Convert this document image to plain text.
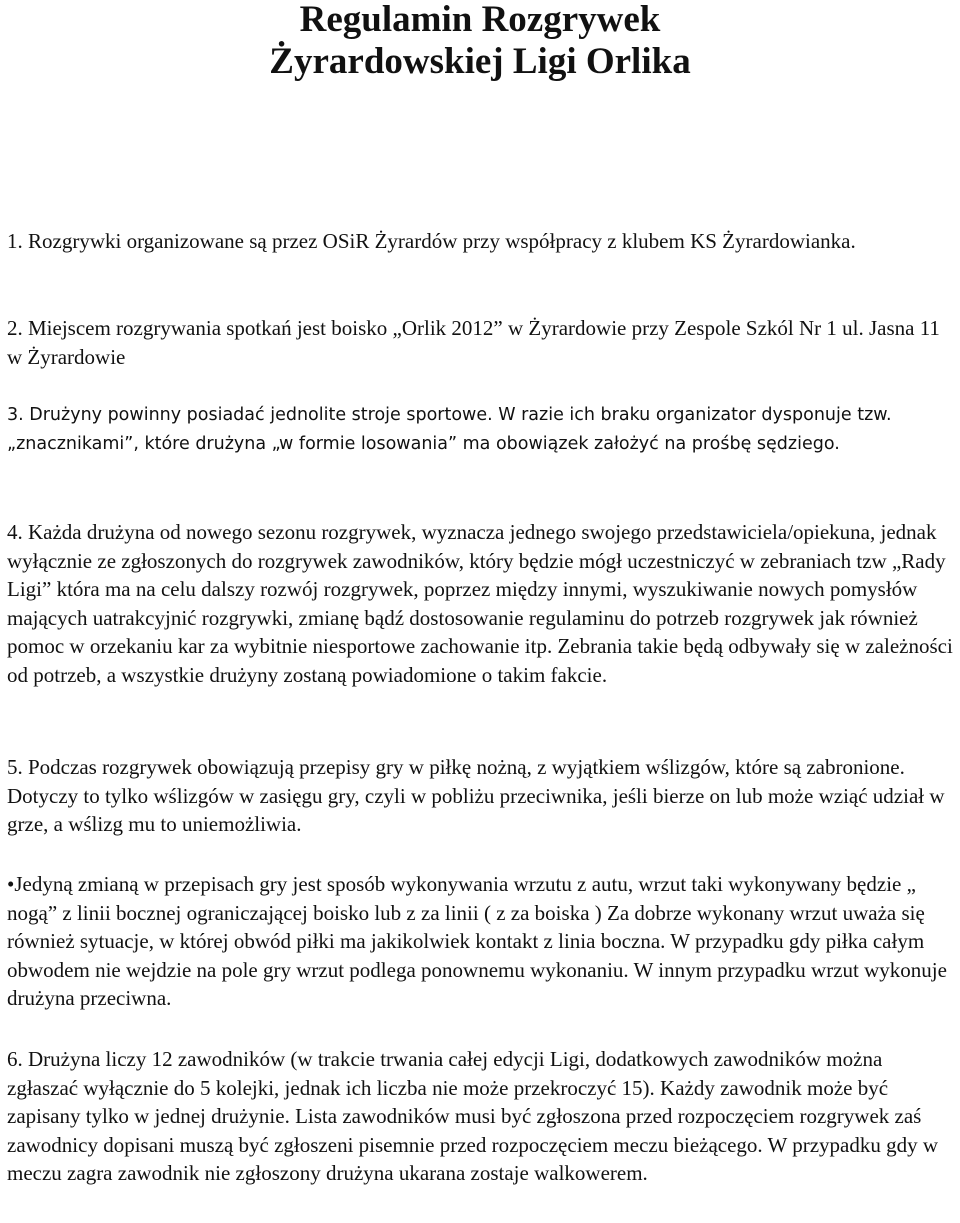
Regulamin Rozgrywek
Żyrardowskiej Ligi Orlika

1. Rozgrywki organizowane są przez OSiR Żyrardów przy współpracy z klubem KS Żyrardowianka.

2. Miejscem rozgrywania spotkań jest boisko „Orlik 2012” w Żyrardowie przy Zespole Szkól Nr 1 ul. Jasna 11 w Żyrardowie

3. Drużyny powinny posiadać jednolite stroje sportowe. W razie ich braku organizator dysponuje tzw. „znacznikami”, które drużyna „w formie losowania” ma obowiązek założyć na prośbę sędziego.

4. Każda drużyna od nowego sezonu rozgrywek, wyznacza jednego swojego przedstawiciela/opiekuna, jednak wyłącznie ze zgłoszonych do rozgrywek zawodników, który będzie mógł uczestniczyć w zebraniach tzw „Rady Ligi” która ma na celu dalszy rozwój rozgrywek, poprzez między innymi, wyszukiwanie nowych pomysłów mających uatrakcyjnić rozgrywki, zmianę bądź dostosowanie regulaminu do potrzeb rozgrywek jak również pomoc w orzekaniu kar za wybitnie niesportowe zachowanie itp. Zebrania takie będą odbywały się w zależności od potrzeb, a wszystkie drużyny zostaną powiadomione o takim fakcie.

5. Podczas rozgrywek obowiązują przepisy gry w piłkę nożną, z wyjątkiem wślizgów, które są zabronione. Dotyczy to tylko wślizgów w zasięgu gry, czyli w pobliżu przeciwnika, jeśli bierze on lub może wziąć udział w grze, a wślizg mu to uniemożliwia.

•Jedyną zmianą w przepisach gry jest sposób wykonywania wrzutu z autu, wrzut taki wykonywany będzie „ nogą” z linii bocznej ograniczającej boisko lub z za linii ( z za boiska ) Za dobrze wykonany wrzut uważa się również sytuacje, w której obwód piłki ma jakikolwiek kontakt z linia boczna. W przypadku gdy piłka całym obwodem nie wejdzie na pole gry wrzut podlega ponownemu wykonaniu. W innym przypadku wrzut wykonuje drużyna przeciwna.

6. Drużyna liczy 12 zawodników (w trakcie trwania całej edycji Ligi, dodatkowych zawodników można zgłaszać wyłącznie do 5 kolejki, jednak ich liczba nie może przekroczyć 15). Każdy zawodnik może być zapisany tylko w jednej drużynie. Lista zawodników musi być zgłoszona przed rozpoczęciem rozgrywek zaś zawodnicy dopisani muszą być zgłoszeni pisemnie przed rozpoczęciem meczu bieżącego. W przypadku gdy w meczu zagra zawodnik nie zgłoszony drużyna ukarana zostaje walkowerem.
